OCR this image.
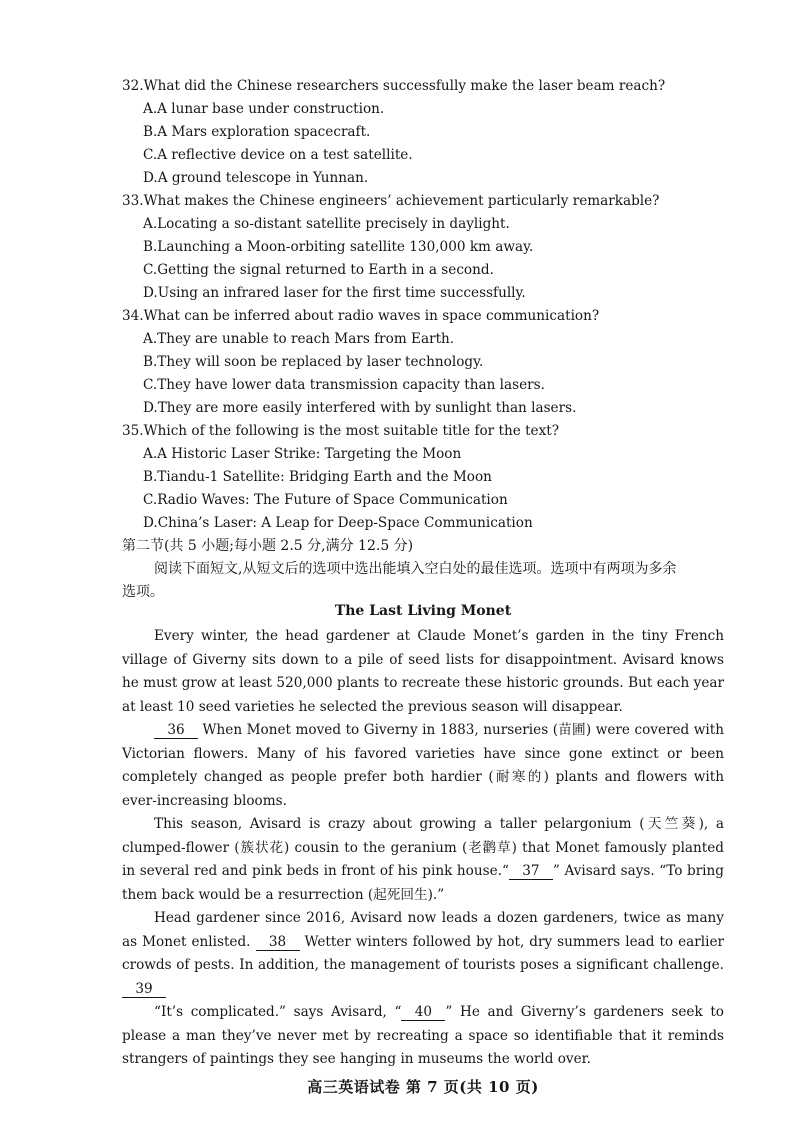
32.What did the Chinese researchers successfully make the laser beam reach?
A.A lunar base under construction.
B.A Mars exploration spacecraft.
C.A reflective device on a test satellite.
D.A ground telescope in Yunnan.
33.What makes the Chinese engineers’ achievement particularly remarkable?
A.Locating a so-distant satellite precisely in daylight.
B.Launching a Moon-orbiting satellite 130,000 km away.
C.Getting the signal returned to Earth in a second.
D.Using an infrared laser for the first time successfully.
34.What can be inferred about radio waves in space communication?
A.They are unable to reach Mars from Earth.
B.They will soon be replaced by laser technology.
C.They have lower data transmission capacity than lasers.
D.They are more easily interfered with by sunlight than lasers.
35.Which of the following is the most suitable title for the text?
A.A Historic Laser Strike: Targeting the Moon
B.Tiandu-1 Satellite: Bridging Earth and the Moon
C.Radio Waves: The Future of Space Communication
D.China’s Laser: A Leap for Deep-Space Communication
第二节(共 5 小题;每小题 2.5 分,满分 12.5 分)
阅读下面短文,从短文后的选项中选出能填入空白处的最佳选项。选项中有两项为多余
选项。
The Last Living Monet

Every winter, the head gardener at Claude Monet’s garden in the tiny French village of Giverny sits down to a pile of seed lists for disappointment. Avisard knows he must grow at least 520,000 plants to recreate these historic grounds. But each year at least 10 seed varieties he selected the previous season will disappear.

36 When Monet moved to Giverny in 1883, nurseries (苗圃) were covered with Victorian flowers. Many of his favored varieties have since gone extinct or been completely changed as people prefer both hardier (耐寒的) plants and flowers with ever-increasing blooms.

This season, Avisard is crazy about growing a taller pelargonium (天竺葵), a clumped-flower (簇状花) cousin to the geranium (老鹳草) that Monet famously planted in several red and pink beds in front of his pink house.“ 37 ” Avisard says. “To bring them back would be a resurrection (起死回生).”

Head gardener since 2016, Avisard now leads a dozen gardeners, twice as many as Monet enlisted. 38 Wetter winters followed by hot, dry summers lead to earlier crowds of pests. In addition, the management of tourists poses a significant challenge. 39

“It’s complicated.” says Avisard, “ 40 ” He and Giverny’s gardeners seek to please a man they’ve never met by recreating a space so identifiable that it reminds strangers of paintings they see hanging in museums the world over.

高三英语试卷 第 7 页(共 10 页)
